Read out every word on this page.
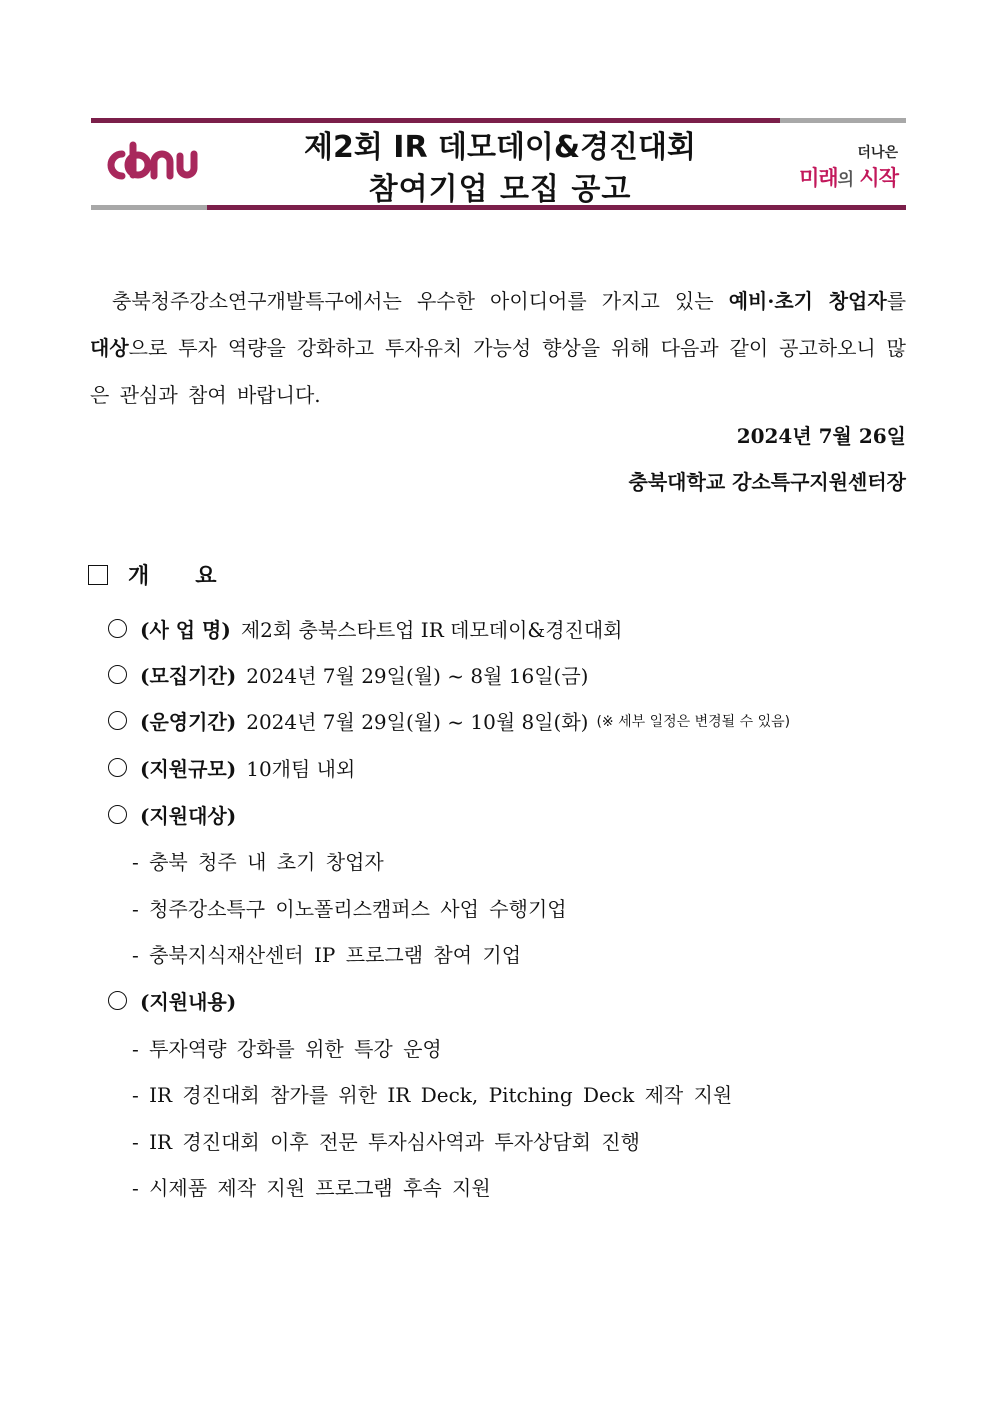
제2회 IR 데모데이&경진대회
참여기업 모집 공고
더나은
미래의 시작
충북청주강소연구개발특구에서는 우수한 아이디어를 가지고 있는 예비·초기 창업자를 대상으로 투자 역량을 강화하고 투자유치 가능성 향상을 위해 다음과 같이 공고하오니 많은 관심과 참여 바랍니다.
2024년 7월 26일
충북대학교 강소특구지원센터장
개      요
(사 업 명) 제2회 충북스타트업 IR 데모데이&경진대회
(모집기간) 2024년 7월 29일(월) ~ 8월 16일(금)
(운영기간) 2024년 7월 29일(월) ~ 10월 8일(화) (※ 세부 일정은 변경될 수 있음)
(지원규모) 10개팀 내외
(지원대상)
- 충북 청주 내 초기 창업자
- 청주강소특구 이노폴리스캠퍼스 사업 수행기업
- 충북지식재산센터 IP 프로그램 참여 기업
(지원내용)
- 투자역량 강화를 위한 특강 운영
- IR 경진대회 참가를 위한 IR Deck, Pitching Deck 제작 지원
- IR 경진대회 이후 전문 투자심사역과 투자상담회 진행
- 시제품 제작 지원 프로그램 후속 지원
